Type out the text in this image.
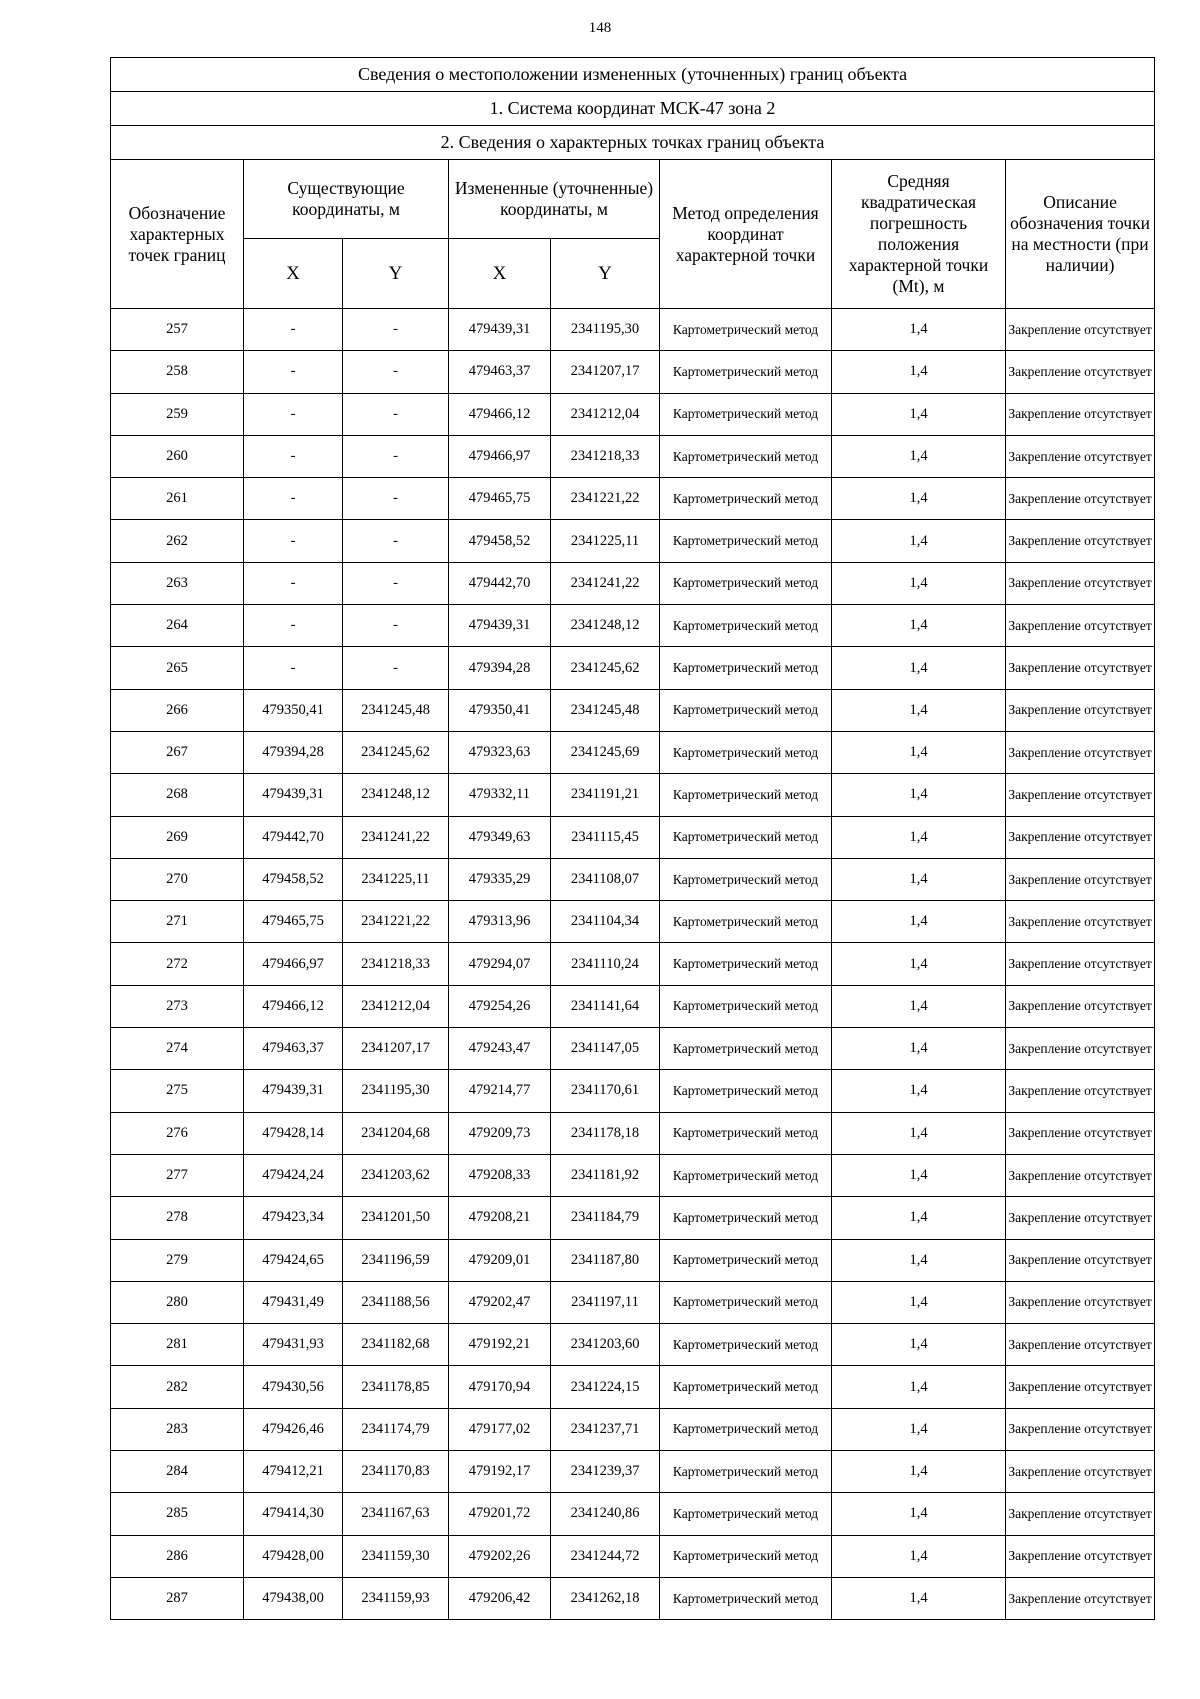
148
Сведения о местоположении измененных (уточненных) границ объекта							
1. Система координат МСК-47 зона 2							
2. Сведения о характерных точках границ объекта							
Обозначение характерных точек границ	Существующие координаты, м		Измененные (уточненные) координаты, м		Метод определения координат характерной точки	Средняя квадратическая погрешность положения характерной точки (Mt), м	Описание обозначения точки на местности (при наличии)
	X	Y	X	Y			
257	-	-	479439,31	2341195,30	Картометрический метод	1,4	Закрепление отсутствует
258	-	-	479463,37	2341207,17	Картометрический метод	1,4	Закрепление отсутствует
259	-	-	479466,12	2341212,04	Картометрический метод	1,4	Закрепление отсутствует
260	-	-	479466,97	2341218,33	Картометрический метод	1,4	Закрепление отсутствует
261	-	-	479465,75	2341221,22	Картометрический метод	1,4	Закрепление отсутствует
262	-	-	479458,52	2341225,11	Картометрический метод	1,4	Закрепление отсутствует
263	-	-	479442,70	2341241,22	Картометрический метод	1,4	Закрепление отсутствует
264	-	-	479439,31	2341248,12	Картометрический метод	1,4	Закрепление отсутствует
265	-	-	479394,28	2341245,62	Картометрический метод	1,4	Закрепление отсутствует
266	479350,41	2341245,48	479350,41	2341245,48	Картометрический метод	1,4	Закрепление отсутствует
267	479394,28	2341245,62	479323,63	2341245,69	Картометрический метод	1,4	Закрепление отсутствует
268	479439,31	2341248,12	479332,11	2341191,21	Картометрический метод	1,4	Закрепление отсутствует
269	479442,70	2341241,22	479349,63	2341115,45	Картометрический метод	1,4	Закрепление отсутствует
270	479458,52	2341225,11	479335,29	2341108,07	Картометрический метод	1,4	Закрепление отсутствует
271	479465,75	2341221,22	479313,96	2341104,34	Картометрический метод	1,4	Закрепление отсутствует
272	479466,97	2341218,33	479294,07	2341110,24	Картометрический метод	1,4	Закрепление отсутствует
273	479466,12	2341212,04	479254,26	2341141,64	Картометрический метод	1,4	Закрепление отсутствует
274	479463,37	2341207,17	479243,47	2341147,05	Картометрический метод	1,4	Закрепление отсутствует
275	479439,31	2341195,30	479214,77	2341170,61	Картометрический метод	1,4	Закрепление отсутствует
276	479428,14	2341204,68	479209,73	2341178,18	Картометрический метод	1,4	Закрепление отсутствует
277	479424,24	2341203,62	479208,33	2341181,92	Картометрический метод	1,4	Закрепление отсутствует
278	479423,34	2341201,50	479208,21	2341184,79	Картометрический метод	1,4	Закрепление отсутствует
279	479424,65	2341196,59	479209,01	2341187,80	Картометрический метод	1,4	Закрепление отсутствует
280	479431,49	2341188,56	479202,47	2341197,11	Картометрический метод	1,4	Закрепление отсутствует
281	479431,93	2341182,68	479192,21	2341203,60	Картометрический метод	1,4	Закрепление отсутствует
282	479430,56	2341178,85	479170,94	2341224,15	Картометрический метод	1,4	Закрепление отсутствует
283	479426,46	2341174,79	479177,02	2341237,71	Картометрический метод	1,4	Закрепление отсутствует
284	479412,21	2341170,83	479192,17	2341239,37	Картометрический метод	1,4	Закрепление отсутствует
285	479414,30	2341167,63	479201,72	2341240,86	Картометрический метод	1,4	Закрепление отсутствует
286	479428,00	2341159,30	479202,26	2341244,72	Картометрический метод	1,4	Закрепление отсутствует
287	479438,00	2341159,93	479206,42	2341262,18	Картометрический метод	1,4	Закрепление отсутствует
